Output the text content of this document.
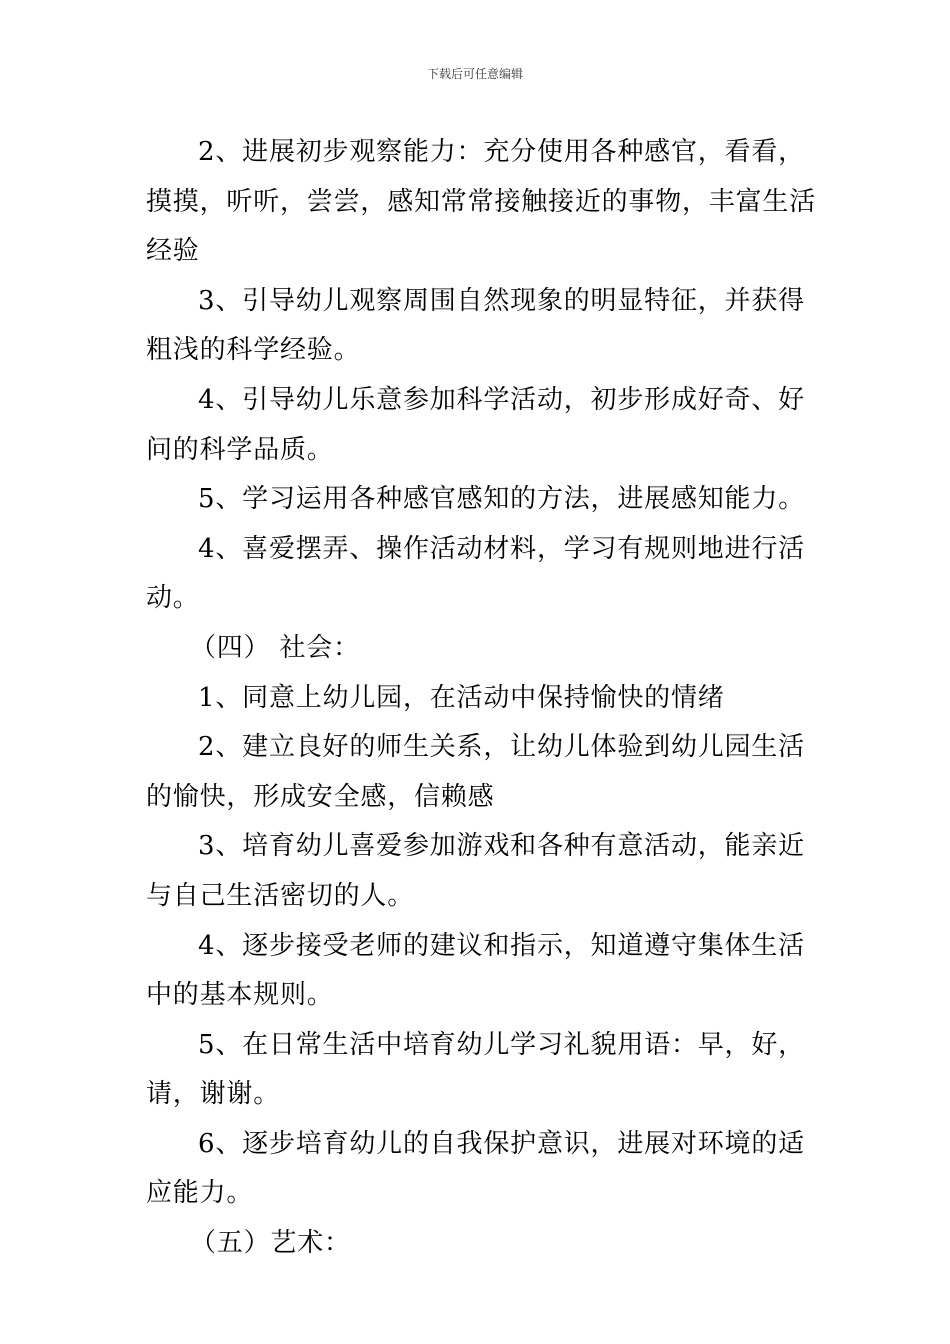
下载后可任意编辑

2、进展初步观察能力：充分使用各种感官，看看，摸摸，听听，尝尝，感知常常接触接近的事物，丰富生活经验

3、引导幼儿观察周围自然现象的明显特征，并获得粗浅的科学经验。

4、引导幼儿乐意参加科学活动，初步形成好奇、好问的科学品质。

5、学习运用各种感官感知的方法，进展感知能力。

4、喜爱摆弄、操作活动材料，学习有规则地进行活动。

（四） 社会：

1、同意上幼儿园，在活动中保持愉快的情绪

2、建立良好的师生关系，让幼儿体验到幼儿园生活的愉快，形成安全感，信赖感

3、培育幼儿喜爱参加游戏和各种有意活动，能亲近与自己生活密切的人。

4、逐步接受老师的建议和指示，知道遵守集体生活中的基本规则。

5、在日常生活中培育幼儿学习礼貌用语：早，好，请，谢谢。

6、逐步培育幼儿的自我保护意识，进展对环境的适应能力。

（五）艺术：
